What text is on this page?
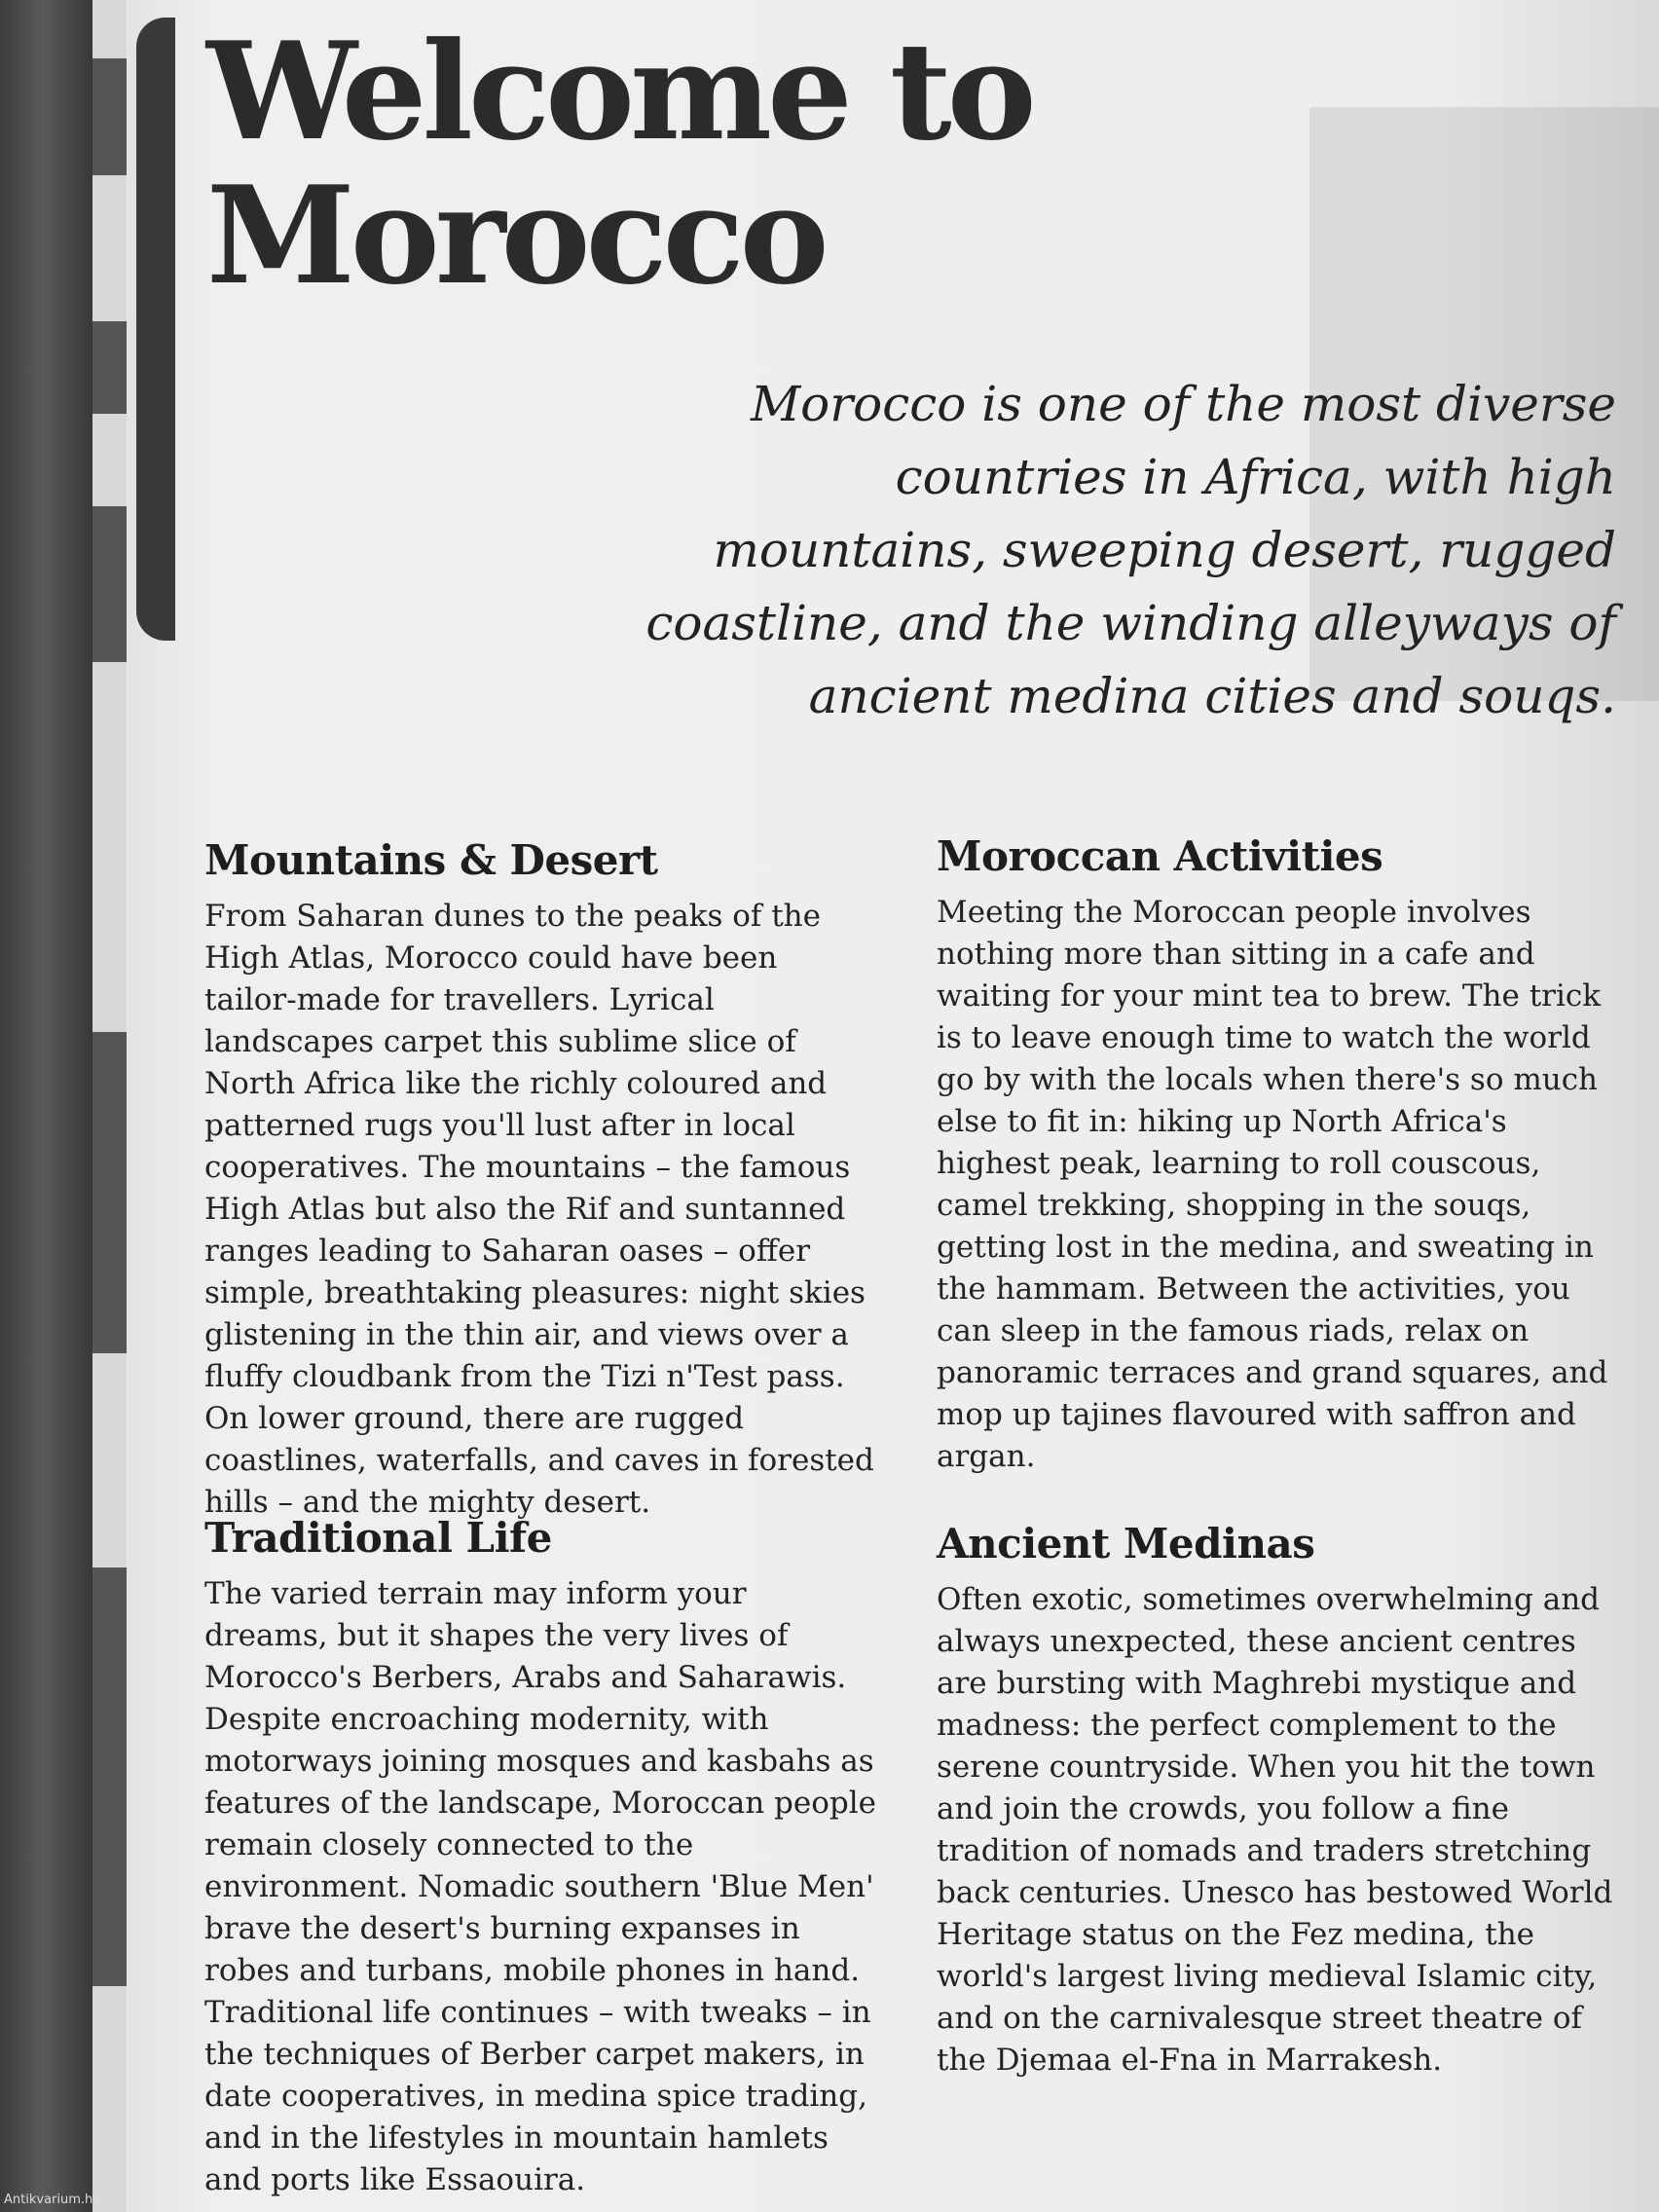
Welcome to Morocco

Morocco is one of the most diverse countries in Africa, with high mountains, sweeping desert, rugged coastline, and the winding alleyways of ancient medina cities and souqs.

Mountains & Desert

From Saharan dunes to the peaks of the High Atlas, Morocco could have been tailor-made for travellers. Lyrical landscapes carpet this sublime slice of North Africa like the richly coloured and patterned rugs you'll lust after in local cooperatives. The mountains – the famous High Atlas but also the Rif and suntanned ranges leading to Saharan oases – offer simple, breathtaking pleasures: night skies glistening in the thin air, and views over a fluffy cloudbank from the Tizi n'Test pass. On lower ground, there are rugged coastlines, waterfalls, and caves in forested hills – and the mighty desert.

Moroccan Activities

Meeting the Moroccan people involves nothing more than sitting in a cafe and waiting for your mint tea to brew. The trick is to leave enough time to watch the world go by with the locals when there's so much else to fit in: hiking up North Africa's highest peak, learning to roll couscous, camel trekking, shopping in the souqs, getting lost in the medina, and sweating in the hammam. Between the activities, you can sleep in the famous riads, relax on panoramic terraces and grand squares, and mop up tajines flavoured with saffron and argan.

Traditional Life

The varied terrain may inform your dreams, but it shapes the very lives of Morocco's Berbers, Arabs and Saharawis. Despite encroaching modernity, with motorways joining mosques and kasbahs as features of the landscape, Moroccan people remain closely connected to the environment. Nomadic southern 'Blue Men' brave the desert's burning expanses in robes and turbans, mobile phones in hand. Traditional life continues – with tweaks – in the techniques of Berber carpet makers, in date cooperatives, in medina spice trading, and in the lifestyles in mountain hamlets and ports like Essaouira.

Ancient Medinas

Often exotic, sometimes overwhelming and always unexpected, these ancient centres are bursting with Maghrebi mystique and madness: the perfect complement to the serene countryside. When you hit the town and join the crowds, you follow a fine tradition of nomads and traders stretching back centuries. Unesco has bestowed World Heritage status on the Fez medina, the world's largest living medieval Islamic city, and on the carnivalesque street theatre of the Djemaa el-Fna in Marrakesh.

Antikvarium.hu
